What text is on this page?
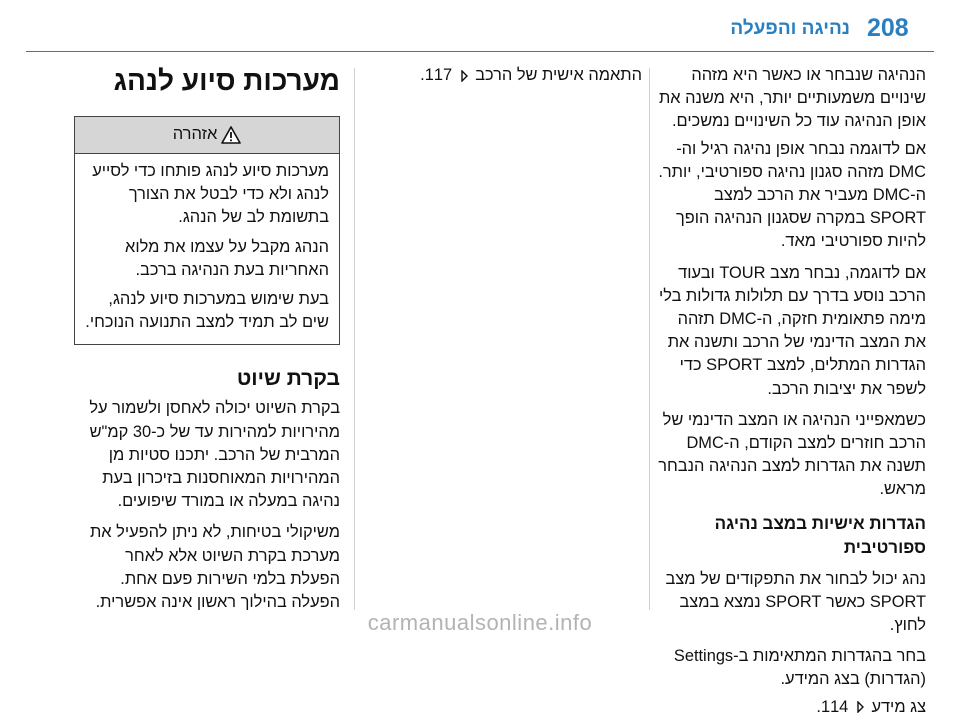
208
נהיגה והפעלה

הנהיגה שנבחר או כאשר היא מזהה שינויים משמעותיים יותר, היא משנה את אופן הנהיגה עוד כל השינויים נמשכים.

אם לדוגמה נבחר אופן נהיגה רגיל וה-DMC מזהה סגנון נהיגה ספורטיבי, יותר. ה-DMC מעביר את הרכב למצב SPORT במקרה שסגנון הנהיגה הופך להיות ספורטיבי מאד.

אם לדוגמה, נבחר מצב TOUR ובעוד הרכב נוסע בדרך עם תלולות גדולות בלי מימה פתאומית חזקה, ה-DMC תזהה את המצב הדינמי של הרכב ותשנה את הגדרות המתלים, למצב SPORT כדי לשפר את יציבות הרכב.

כשמאפייני הנהיגה או המצב הדינמי של הרכב חוזרים למצב הקודם, ה-DMC תשנה את הגדרות למצב הנהיגה הנבחר מראש.

הגדרות אישיות במצב נהיגה ספורטיבית

נהג יכול לבחור את התפקודים של מצב SPORT כאשר SPORT נמצא במצב לחוץ.

בחר בהגדרות המתאימות ב-Settings (הגדרות) בצג המידע.

צג מידע  114.

התאמה אישית של הרכב  117.

מערכות סיוע לנהג
אזהרה

מערכות סיוע לנהג פותחו כדי לסייע לנהג ולא כדי לבטל את הצורך בתשומת לב של הנהג.

הנהג מקבל על עצמו את מלוא האחריות בעת הנהיגה ברכב.

בעת שימוש במערכות סיוע לנהג, שים לב תמיד למצב התנועה הנוכחי.

בקרת שיוט

בקרת השיוט יכולה לאחסן ולשמור על מהירויות למהירות עד של כ-30 קמ"ש המרבית של הרכב. יתכנו סטיות מן המהירויות המאוחסנות בזיכרון בעת נהיגה במעלה או במורד שיפועים.

משיקולי בטיחות, לא ניתן להפעיל את מערכת בקרת השיוט אלא לאחר הפעלת בלמי השירות פעם אחת. הפעלה בהילוך ראשון אינה אפשרית.

carmanualsonline.info
